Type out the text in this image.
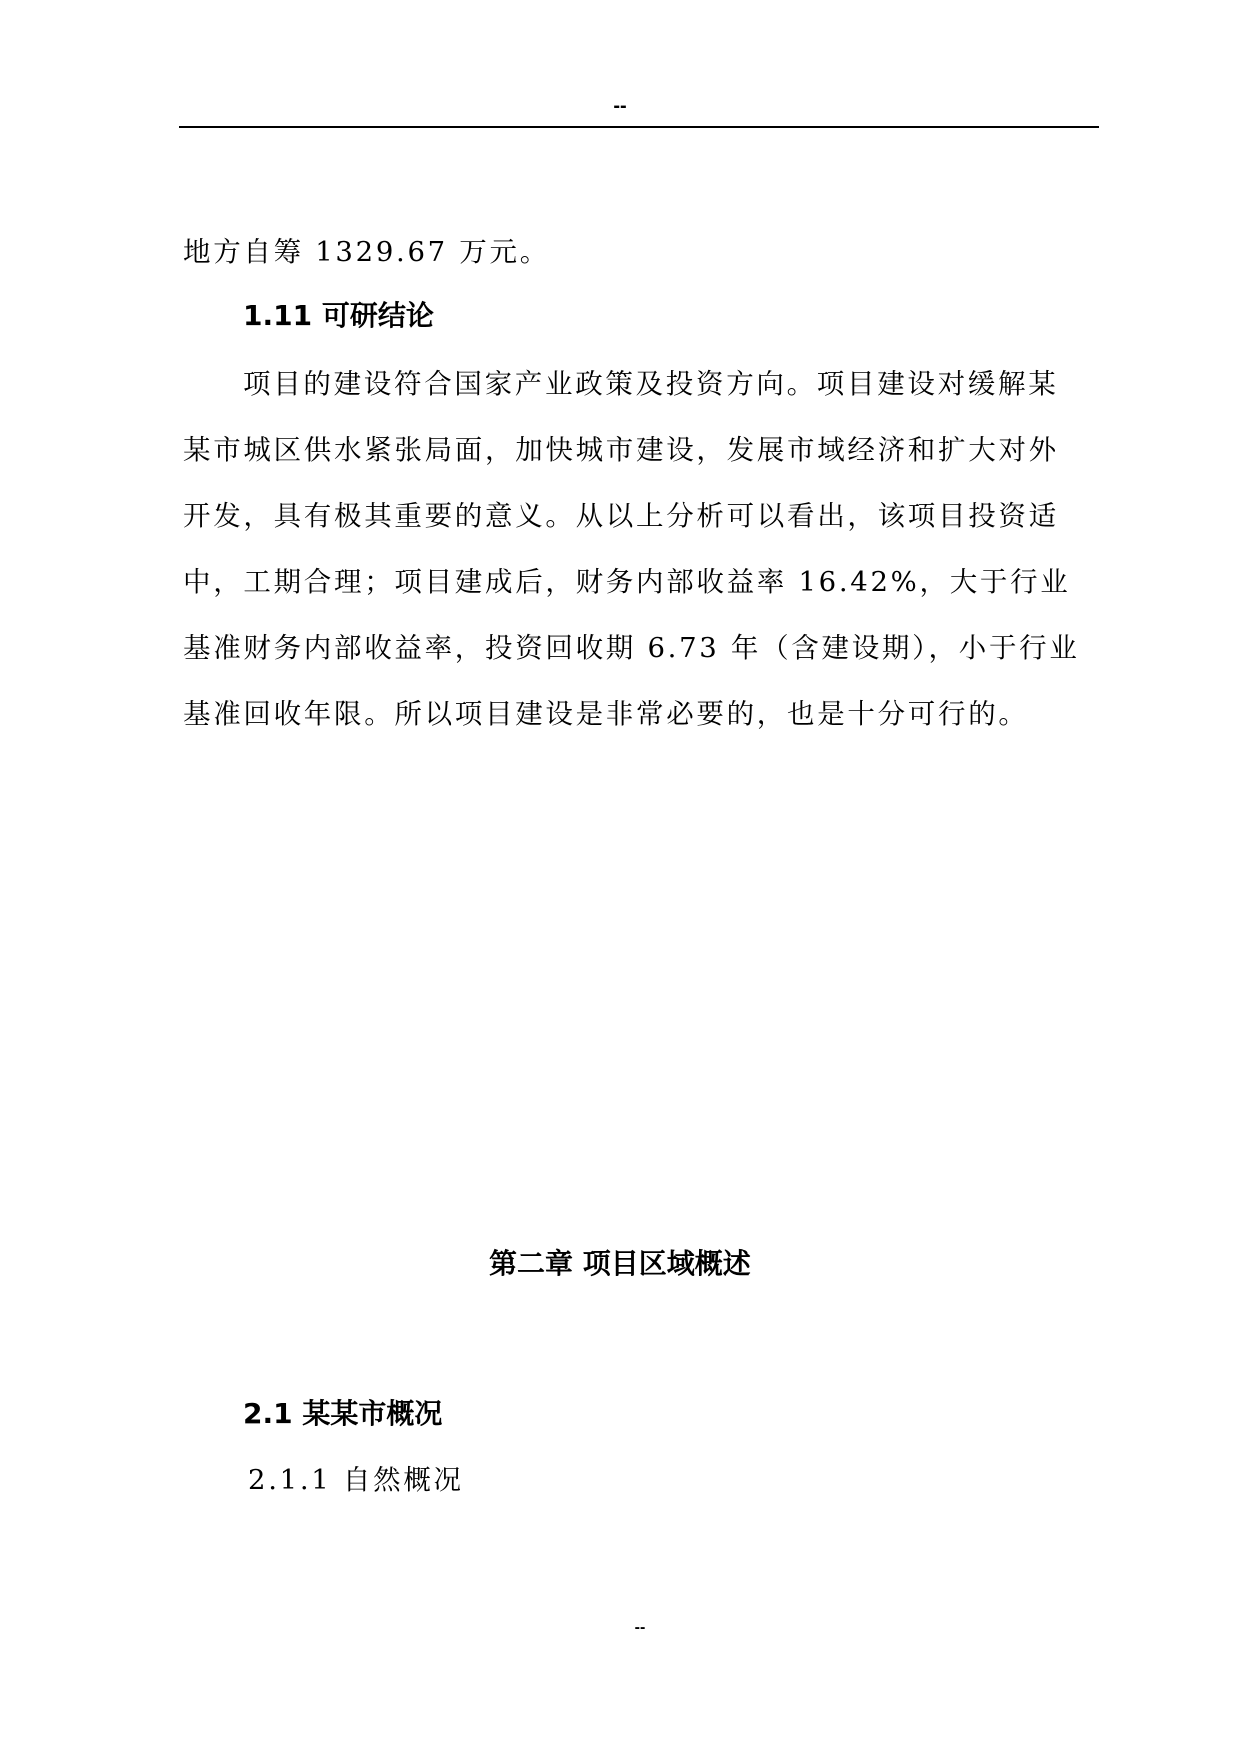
--
地方自筹 1329.67 万元。
1.11 可研结论
项目的建设符合国家产业政策及投资方向。项目建设对缓解某
某市城区供水紧张局面，加快城市建设，发展市域经济和扩大对外
开发，具有极其重要的意义。从以上分析可以看出，该项目投资适
中，工期合理；项目建成后，财务内部收益率 16.42%，大于行业
基准财务内部收益率，投资回收期 6.73 年（含建设期），小于行业
基准回收年限。所以项目建设是非常必要的，也是十分可行的。
第二章 项目区域概述
2.1 某某市概况
2.1.1 自然概况
--
